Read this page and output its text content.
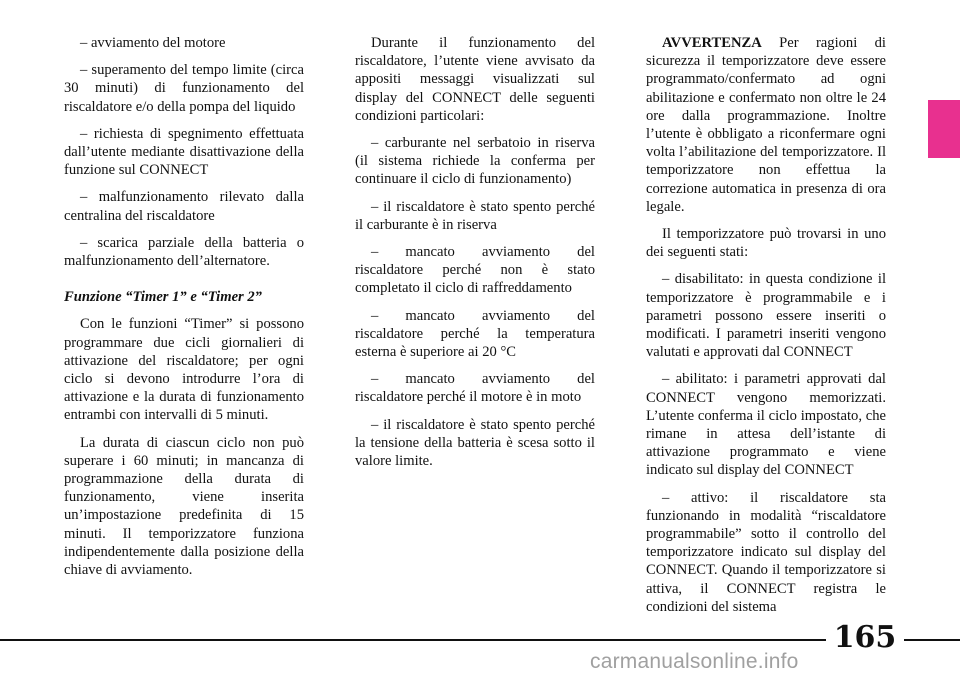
– avviamento del motore

– superamento del tempo limite (circa 30 minuti) di funzionamento del riscaldatore e/o della pompa del liquido

– richiesta di spegnimento effettuata dall’utente mediante disattivazione della funzione sul CONNECT

– malfunzionamento rilevato dalla centralina del riscaldatore

– scarica parziale della batteria o malfunzionamento dell’alternatore.

Funzione “Timer 1” e “Timer 2”

Con le funzioni “Timer” si possono programmare due cicli giornalieri di attivazione del riscaldatore; per ogni ciclo si devono introdurre l’ora di attivazione e la durata di funzionamento entrambi con intervalli di 5 minuti.

La durata di ciascun ciclo non può superare i 60 minuti; in mancanza di programmazione della durata di funzionamento, viene inserita un’impostazione predefinita di 15 minuti. Il temporizzatore funziona indipendentemente dalla posizione della chiave di avviamento.

Durante il funzionamento del riscaldatore, l’utente viene avvisato da appositi messaggi visualizzati sul display del CONNECT delle seguenti condizioni particolari:

– carburante nel serbatoio in riserva (il sistema richiede la conferma per continuare il ciclo di funzionamento)

– il riscaldatore è stato spento perché il carburante è in riserva

– mancato avviamento del riscaldatore perché non è stato completato il ciclo di raffreddamento

– mancato avviamento del riscaldatore perché la temperatura esterna è superiore ai 20 °C

– mancato avviamento del riscaldatore perché il motore è in moto

– il riscaldatore è stato spento perché la tensione della batteria è scesa sotto il valore limite.

AVVERTENZA Per ragioni di sicurezza il temporizzatore deve essere programmato/confermato ad ogni abilitazione e confermato non oltre le 24 ore dalla programmazione. Inoltre l’utente è obbligato a riconfermare ogni volta l’abilitazione del temporizzatore. Il temporizzatore non effettua la correzione automatica in presenza di ora legale.

Il temporizzatore può trovarsi in uno dei seguenti stati:

– disabilitato: in questa condizione il temporizzatore è programmabile e i parametri possono essere inseriti o modificati. I parametri inseriti vengono valutati e approvati dal CONNECT

– abilitato: i parametri approvati dal CONNECT vengono memorizzati. L’utente conferma il ciclo impostato, che rimane in attesa dell’istante di attivazione programmato e viene indicato sul display del CONNECT

– attivo: il riscaldatore sta funzionando in modalità “riscaldatore programmabile” sotto il controllo del temporizzatore indicato sul display del CONNECT. Quando il temporizzatore si attiva, il CONNECT registra le condizioni del sistema

165
carmanualsonline.info
